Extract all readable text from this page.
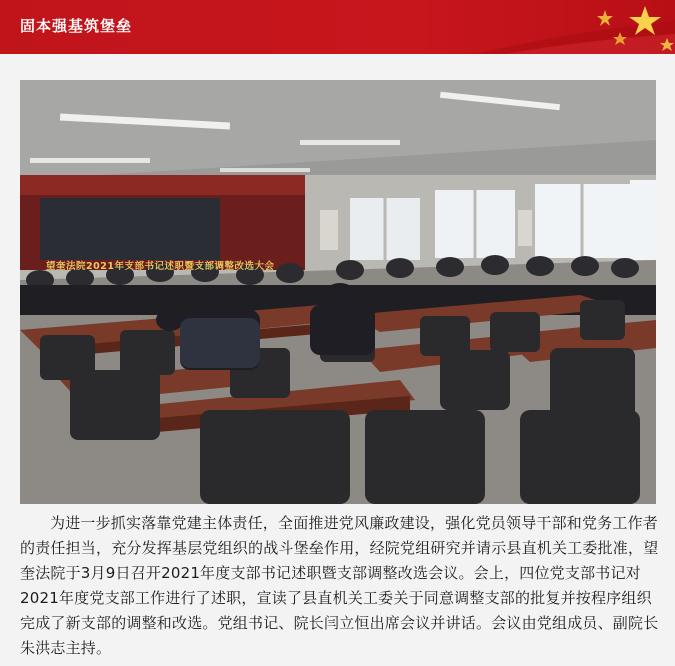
固本强基筑堡垒
望奎法院2021年支部书记述职暨支部调整改选大会
为进一步抓实落靠党建主体责任，全面推进党风廉政建设，强化党员领导干部和党务工作者的责任担当，充分发挥基层党组织的战斗堡垒作用，经院党组研究并请示县直机关工委批准，望奎法院于3月9日召开2021年度支部书记述职暨支部调整改选会议。会上，四位党支部书记对2021年度党支部工作进行了述职，宣读了县直机关工委关于同意调整支部的批复并按程序组织完成了新支部的调整和改选。党组书记、院长闫立恒出席会议并讲话。会议由党组成员、副院长朱洪志主持。
